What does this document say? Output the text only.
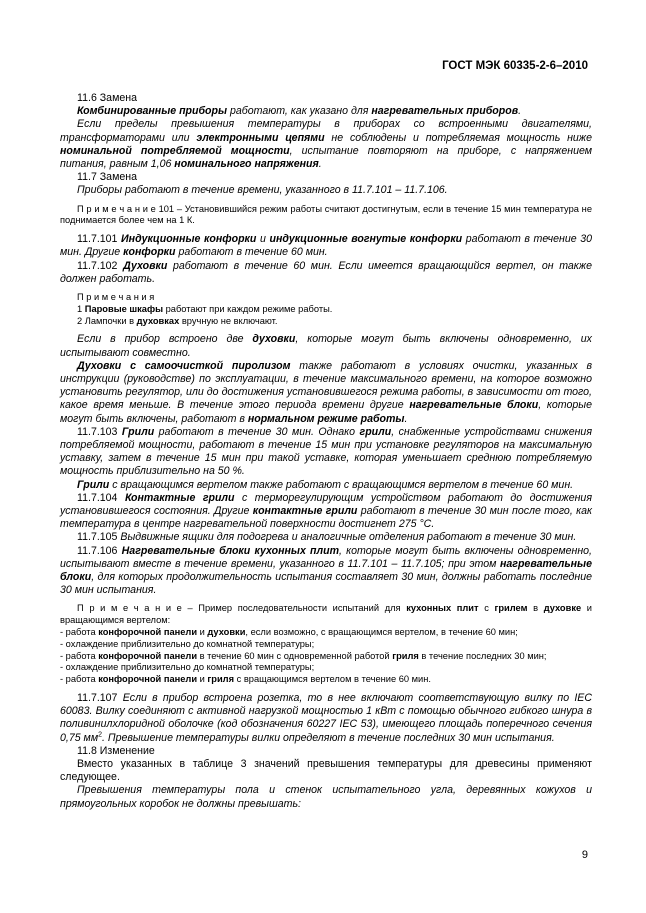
ГОСТ МЭК 60335-2-6–2010

11.6 Замена

Комбинированные приборы работают, как указано для нагревательных приборов.

Если пределы превышения температуры в приборах со встроенными двигателями, трансформаторами или электронными цепями не соблюдены и потребляемая мощность ниже номинальной потребляемой мощности, испытание повторяют на приборе, с напряжением питания, равным 1,06 номинального напряжения.

11.7 Замена

Приборы работают в течение времени, указанного в 11.7.101 – 11.7.106.

П р и м е ч а н и е 101 – Установившийся режим работы считают достигнутым, если в течение 15 мин температура не поднимается более чем на 1 К.

11.7.101 Индукционные конфорки и индукционные вогнутые конфорки работают в течение 30 мин. Другие конфорки работают в течение 60 мин.

11.7.102 Духовки работают в течение 60 мин. Если имеется вращающийся вертел, он также должен работать.

П р и м е ч а н и я

1 Паровые шкафы работают при каждом режиме работы.

2 Лампочки в духовках вручную не включают.

Если в прибор встроено две духовки, которые могут быть включены одновременно, их испытывают совместно.

Духовки с самоочисткой пиролизом также работают в условиях очистки, указанных в инструкции (руководстве) по эксплуатации, в течение максимального времени, на которое возможно установить регулятор, или до достижения установившегося режима работы, в зависимости от того, какое время меньше. В течение этого периода времени другие нагревательные блоки, которые могут быть включены, работают в нормальном режиме работы.

11.7.103 Грили работают в течение 30 мин. Однако грили, снабженные устройствами снижения потребляемой мощности, работают в течение 15 мин при установке регуляторов на максимальную уставку, затем в течение 15 мин при такой уставке, которая уменьшает среднюю потребляемую мощность приблизительно на 50 %.

Грили с вращающимся вертелом также работают с вращающимся вертелом в течение 60 мин.

11.7.104 Контактные грили с терморегулирующим устройством работают до достижения установившегося состояния. Другие контактные грили работают в течение 30 мин после того, как температура в центре нагревательной поверхности достигнет 275 °С.

11.7.105 Выдвижные ящики для подогрева и аналогичные отделения работают в течение 30 мин.

11.7.106 Нагревательные блоки кухонных плит, которые могут быть включены одновременно, испытывают вместе в течение времени, указанного в 11.7.101 – 11.7.105; при этом нагревательные блоки, для которых продолжительность испытания составляет 30 мин, должны работать последние 30 мин испытания.

П р и м е ч а н и е – Пример последовательности испытаний для кухонных плит с грилем в духовке и вращающимся вертелом:

- работа конфорочной панели и духовки, если возможно, с вращающимся вертелом, в течение 60 мин;

- охлаждение приблизительно до комнатной температуры;

- работа конфорочной панели в течение 60 мин с одновременной работой гриля в течение последних 30 мин;

- охлаждение приблизительно до комнатной температуры;

- работа конфорочной панели и гриля с вращающимся вертелом в течение 60 мин.

11.7.107 Если в прибор встроена розетка, то в нее включают соответствующую вилку по IEC 60083. Вилку соединяют с активной нагрузкой мощностью 1 кВт с помощью обычного гибкого шнура в поливинилхлоридной оболочке (код обозначения 60227 IEC 53), имеющего площадь поперечного сечения 0,75 $мм^2$. Превышение температуры вилки определяют в течение последних 30 мин испытания.

11.8 Изменение

Вместо указанных в таблице 3 значений превышения температуры для древесины применяют следующее.

Превышения температуры пола и стенок испытательного угла, деревянных кожухов и прямоугольных коробок не должны превышать:

9
